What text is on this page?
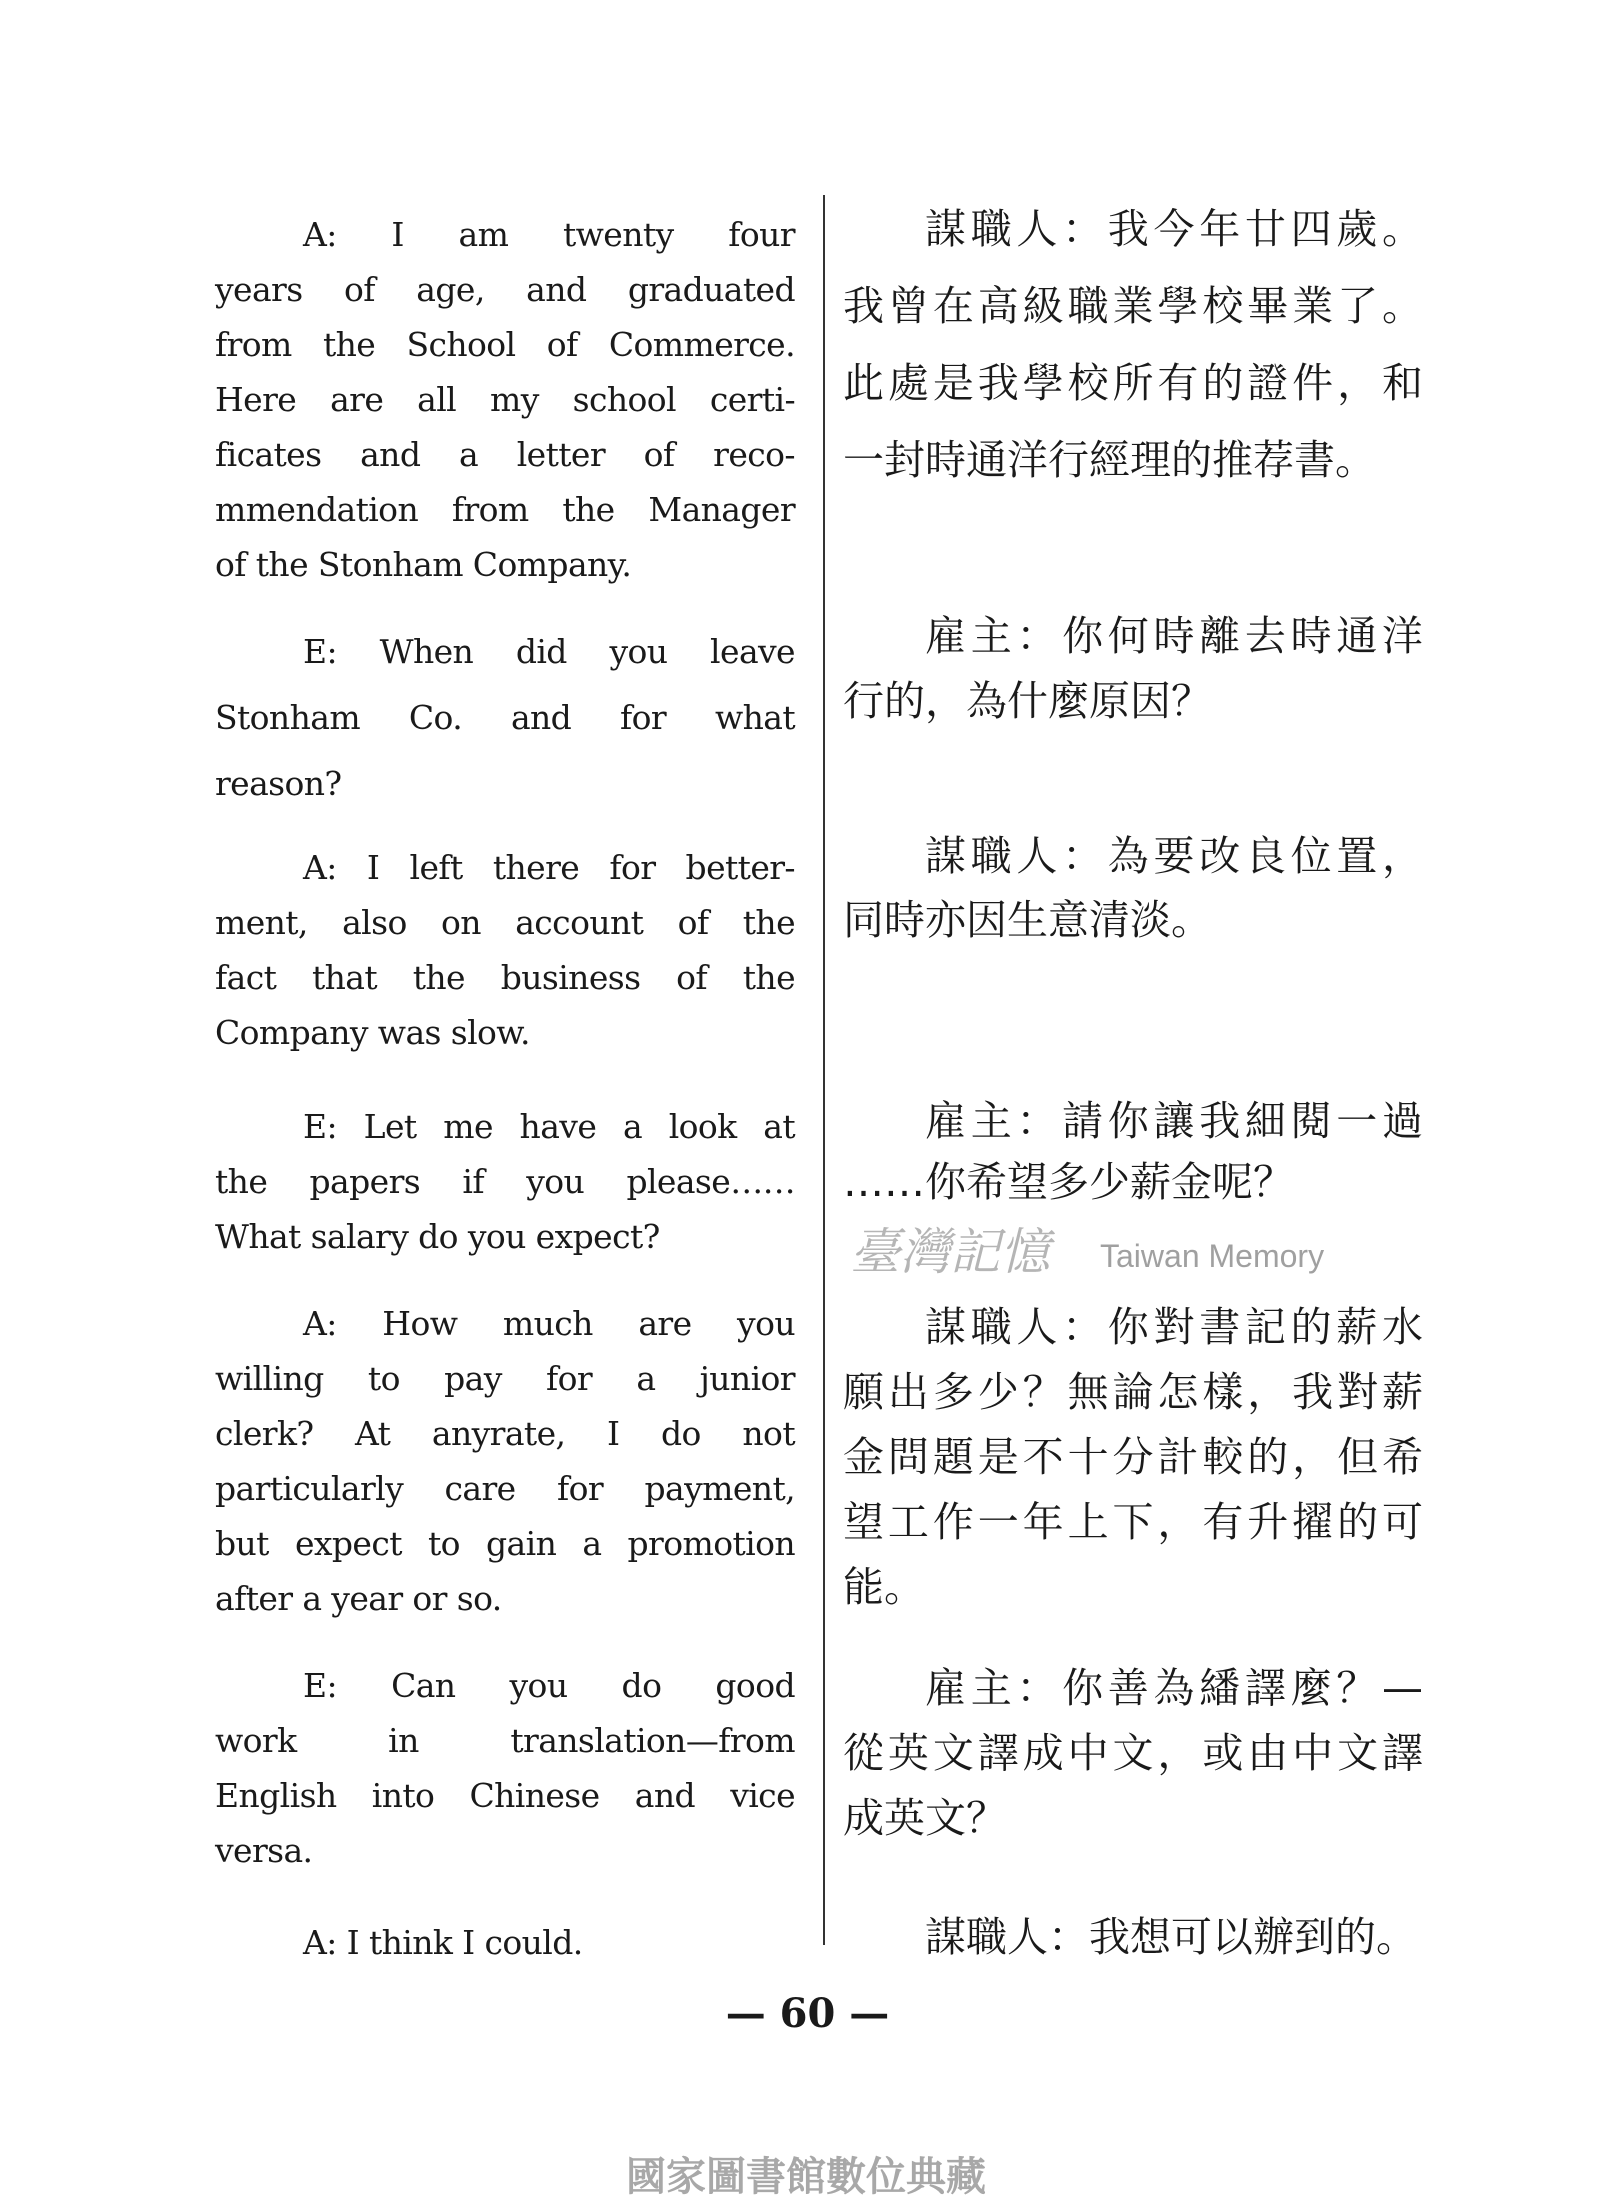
A: I am twenty four
years of age, and graduated
from the School of Commerce.
Here are all my school certi-
ficates and a letter of reco-
mmendation from the Manager
of the Stonham Company.
E: When did you leave
Stonham Co. and for what
reason?
A: I left there for better-
ment, also on account of the
fact that the business of the
Company was slow.
E: Let me have a look at
the papers if you please……
What salary do you expect?
A: How much are you
willing to pay for a junior
clerk? At anyrate, I do not
particularly care for payment,
but expect to gain a promotion
after a year or so.
E: Can you do good
work in translation—from
English into Chinese and vice
versa.
A: I think I could.
謀職人：我今年廿四歲。
我曾在高級職業學校畢業了。
此處是我學校所有的證件，和
一封時通洋行經理的推荐書。
雇主：你何時離去時通洋
行的，為什麼原因？
謀職人：為要改良位置，
同時亦因生意清淡。
雇主：請你讓我細閱一過
……你希望多少薪金呢？
謀職人：你對書記的薪水
願出多少？無論怎樣，我對薪
金問題是不十分計較的，但希
望工作一年上下，有升擢的可
能。
雇主：你善為繙譯麼？—
從英文譯成中文，或由中文譯
成英文？
謀職人：我想可以辦到的。
臺灣記憶 Taiwan Memory
— 60 —
國家圖書館數位典藏
